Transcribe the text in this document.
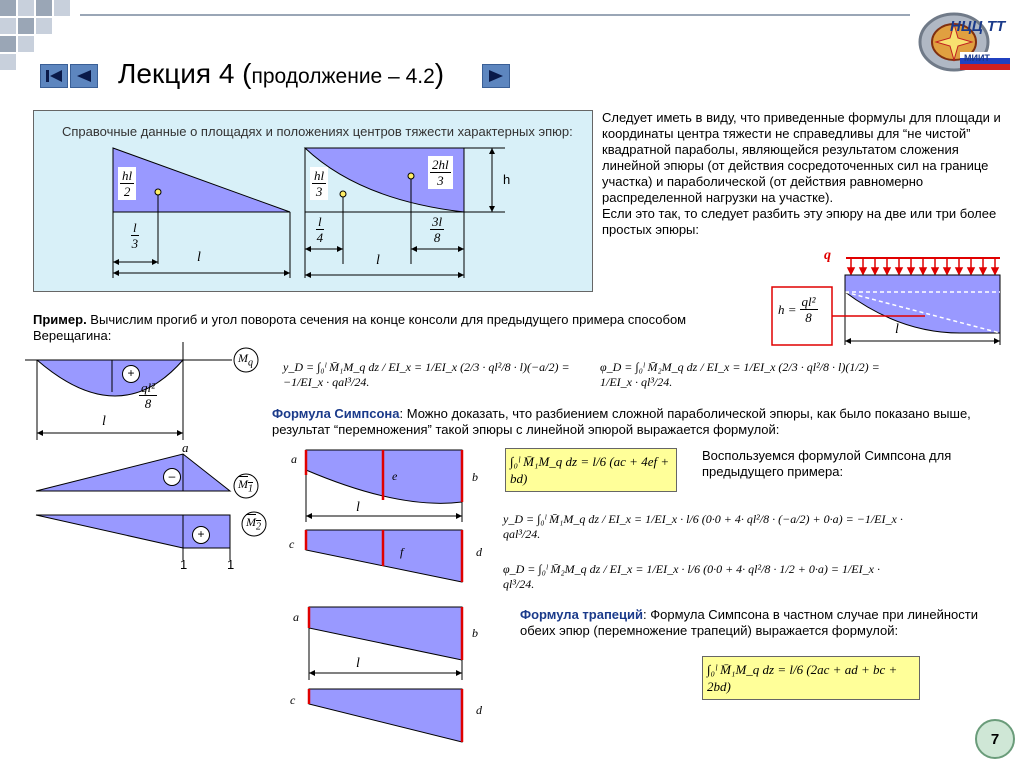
НЦЦ ТТ
МИИТ
Лекция 4 (продолжение – 4.2)
Справочные данные о площадях и положениях центров тяжести характерных эпюр:
$\frac{hl}{2}$
$\frac{l}{3}$
l
$\frac{hl}{3}$	$\frac{2hl}{3}$
$\frac{l}{4}$	$\frac{3l}{8}$
l
h
Следует иметь в виду, что приведенные формулы для площади и координаты центра тяжести не справедливы для “не чистой” квадратной параболы, являющейся результатом сложения линейной эпюры (от действия сосредоточенных сил на границе участка) и параболической (от действия равномерно распределенной нагрузки на участке).
Если это так, то следует разбить эту эпюру на две или три более простых эпюры:
q
$h = \frac{\text{ql²}}{8}$
l
Пример. Вычислим прогиб и угол поворота сечения на конце консоли для предыдущего примера способом Верещагина:
+
$\frac{\text{ql²}}{8}$
l
$M_q$
a
–
$M_1$
+
$M_2$
1	1
y_D = ∫₀ˡ M̄₁M_q dz / EI_x = 1/EI_x (2/3 · ql²/8 · l)(−a/2) = −1/EI_x · qal³/24.
φ_D = ∫₀ˡ M̄₂M_q dz / EI_x = 1/EI_x (2/3 · ql²/8 · l)(1/2) = 1/EI_x · ql³/24.
Формула Симпсона: Можно доказать, что разбиением сложной параболической эпюры, как было показано выше, результат “перемножения” такой эпюры с линейной эпюрой выражается формулой:
∫₀ˡ M̄₁M_q dz = l/6 (ac + 4ef + bd)
Воспользуемся формулой Симпсона для предыдущего примера:
y_D = ∫₀ˡ M̄₁M_q dz / EI_x = 1/EI_x · l/6 (0·0 + 4· ql²/8 · (−a/2) + 0·a) = −1/EI_x · qal³/24.
φ_D = ∫₀ˡ M̄₂M_q dz / EI_x = 1/EI_x · l/6 (0·0 + 4· ql²/8 · 1/2 + 0·a) = 1/EI_x · ql³/24.
a
b
e
l
c
f	d
Формула трапеций: Формула Симпсона в частном случае при линейности обеих эпюр (перемножение трапеций) выражается формулой:
∫₀ˡ M̄₁M_q dz = l/6 (2ac + ad + bc + 2bd)
a
b
l
c
d
7
